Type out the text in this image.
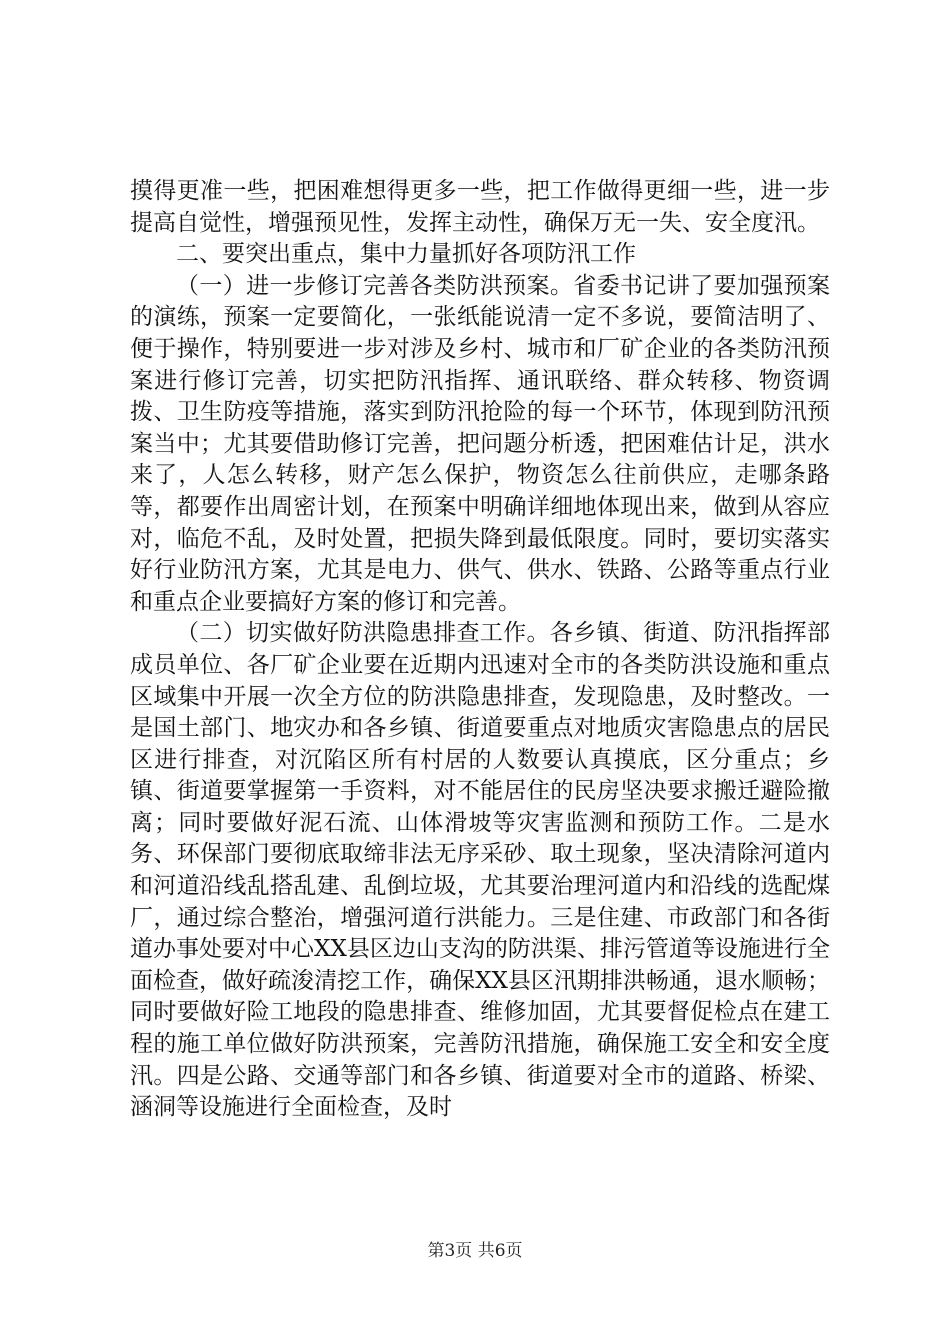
摸得更准一些，把困难想得更多一些，把工作做得更细一些，进一步提高自觉性，增强预见性，发挥主动性，确保万无一失、安全度汛。

二、要突出重点，集中力量抓好各项防汛工作

（一）进一步修订完善各类防洪预案。省委书记讲了要加强预案的演练，预案一定要简化，一张纸能说清一定不多说，要简洁明了、便于操作，特别要进一步对涉及乡村、城市和厂矿企业的各类防汛预案进行修订完善，切实把防汛指挥、通讯联络、群众转移、物资调拨、卫生防疫等措施，落实到防汛抢险的每一个环节，体现到防汛预案当中；尤其要借助修订完善，把问题分析透，把困难估计足，洪水来了，人怎么转移，财产怎么保护，物资怎么往前供应，走哪条路等，都要作出周密计划，在预案中明确详细地体现出来，做到从容应对，临危不乱，及时处置，把损失降到最低限度。同时，要切实落实好行业防汛方案，尤其是电力、供气、供水、铁路、公路等重点行业和重点企业要搞好方案的修订和完善。

（二）切实做好防洪隐患排查工作。各乡镇、街道、防汛指挥部成员单位、各厂矿企业要在近期内迅速对全市的各类防洪设施和重点区域集中开展一次全方位的防洪隐患排查，发现隐患，及时整改。一是国土部门、地灾办和各乡镇、街道要重点对地质灾害隐患点的居民区进行排查，对沉陷区所有村居的人数要认真摸底，区分重点；乡镇、街道要掌握第一手资料，对不能居住的民房坚决要求搬迁避险撤离；同时要做好泥石流、山体滑坡等灾害监测和预防工作。二是水务、环保部门要彻底取缔非法无序采砂、取土现象，坚决清除河道内和河道沿线乱搭乱建、乱倒垃圾，尤其要治理河道内和沿线的选配煤厂，通过综合整治，增强河道行洪能力。三是住建、市政部门和各街道办事处要对中心XX县区边山支沟的防洪渠、排污管道等设施进行全面检查，做好疏浚清挖工作，确保XX县区汛期排洪畅通，退水顺畅；同时要做好险工地段的隐患排查、维修加固，尤其要督促检点在建工程的施工单位做好防洪预案，完善防汛措施，确保施工安全和安全度汛。四是公路、交通等部门和各乡镇、街道要对全市的道路、桥梁、涵洞等设施进行全面检查，及时

第3页 共6页
